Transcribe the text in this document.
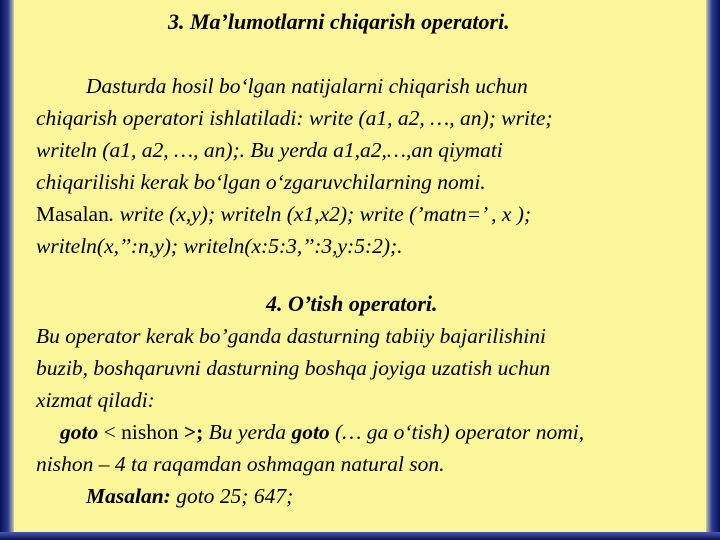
3. Ma’lumotlarni chiqarish operatori.
Dasturda hosil bo‘lgan natijalarni chiqarish uchun
chiqarish operatori ishlatiladi: write (a1, a2, …, an); write;
writeln (a1, a2, …, an);. Bu yerda a1,a2,…,an qiymati
chiqarilishi kerak bo‘lgan o‘zgaruvchilarning nomi.
Masalan. write (x,y); writeln (x1,x2); write (’matn=’ , x );
writeln(x,’’:n,y); writeln(x:5:3,’’:3,y:5:2);.
4. O’tish operatori.
Bu operator kerak bo’ganda dasturning tabiiy bajarilishini
buzib, boshqaruvni dasturning boshqa joyiga uzatish uchun
xizmat qiladi:
goto < nishon >; Bu yerda goto (… ga o‘tish) operator nomi,
nishon – 4 ta raqamdan oshmagan natural son.
Masalan: goto 25; 647;
